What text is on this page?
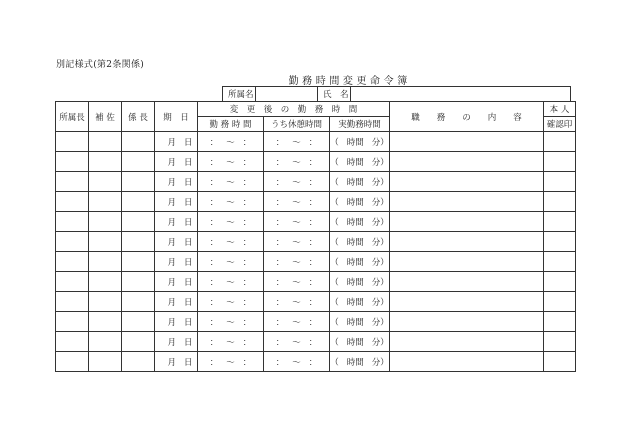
別記様式(第2条関係)
勤 務 時 間 変 更 命 令 簿
所属名		氏　名	
所属長	補 佐	係 長	期　日	変　更　後　の　勤　務　時　間			職　　務　　の　　内　　容	本 人
				勤 務 時 間	うち休憩時間	実勤務時間		確認印
			月 日	： 〜 ：	： 〜 ：	（ 時間 分）		
			月 日	： 〜 ：	： 〜 ：	（ 時間 分）		
			月 日	： 〜 ：	： 〜 ：	（ 時間 分）		
			月 日	： 〜 ：	： 〜 ：	（ 時間 分）		
			月 日	： 〜 ：	： 〜 ：	（ 時間 分）		
			月 日	： 〜 ：	： 〜 ：	（ 時間 分）		
			月 日	： 〜 ：	： 〜 ：	（ 時間 分）		
			月 日	： 〜 ：	： 〜 ：	（ 時間 分）		
			月 日	： 〜 ：	： 〜 ：	（ 時間 分）		
			月 日	： 〜 ：	： 〜 ：	（ 時間 分）		
			月 日	： 〜 ：	： 〜 ：	（ 時間 分）		
			月 日	： 〜 ：	： 〜 ：	（ 時間 分）		
